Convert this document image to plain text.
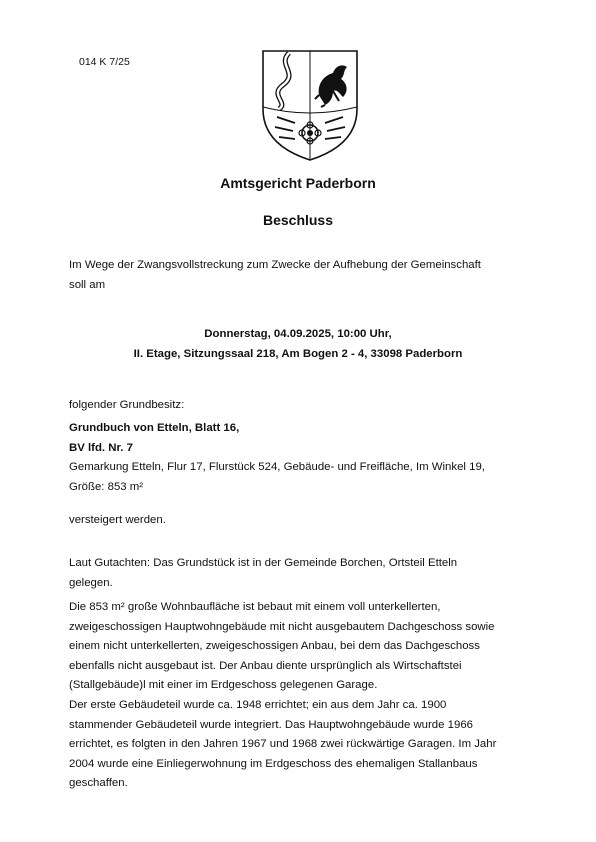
014 K 7/25
Amtsgericht Paderborn
Beschluss
Im Wege der Zwangsvollstreckung zum Zwecke der Aufhebung der Gemeinschaft
soll am
Donnerstag, 04.09.2025, 10:00 Uhr,
II. Etage, Sitzungssaal 218, Am Bogen 2 - 4, 33098 Paderborn
folgender Grundbesitz:
Grundbuch von Etteln, Blatt 16,
BV lfd. Nr. 7
Gemarkung Etteln, Flur 17, Flurstück 524, Gebäude- und Freifläche, Im Winkel 19,
Größe: 853 m²
versteigert werden.
Laut Gutachten: Das Grundstück ist in der Gemeinde Borchen, Ortsteil Etteln
gelegen.
Die 853 m² große Wohnbaufläche ist bebaut mit einem voll unterkellerten,
zweigeschossigen Hauptwohngebäude mit nicht ausgebautem Dachgeschoss sowie
einem nicht unterkellerten, zweigeschossigen Anbau, bei dem das Dachgeschoss
ebenfalls nicht ausgebaut ist. Der Anbau diente ursprünglich als Wirtschaftstei
(Stallgebäude)l mit einer im Erdgeschoss gelegenen Garage.
Der erste Gebäudeteil wurde ca. 1948 errichtet; ein aus dem Jahr ca. 1900
stammender Gebäudeteil wurde integriert. Das Hauptwohngebäude wurde 1966
errichtet, es folgten in den Jahren 1967 und 1968 zwei rückwärtige Garagen. Im Jahr
2004 wurde eine Einliegerwohnung im Erdgeschoss des ehemaligen Stallanbaus
geschaffen.
